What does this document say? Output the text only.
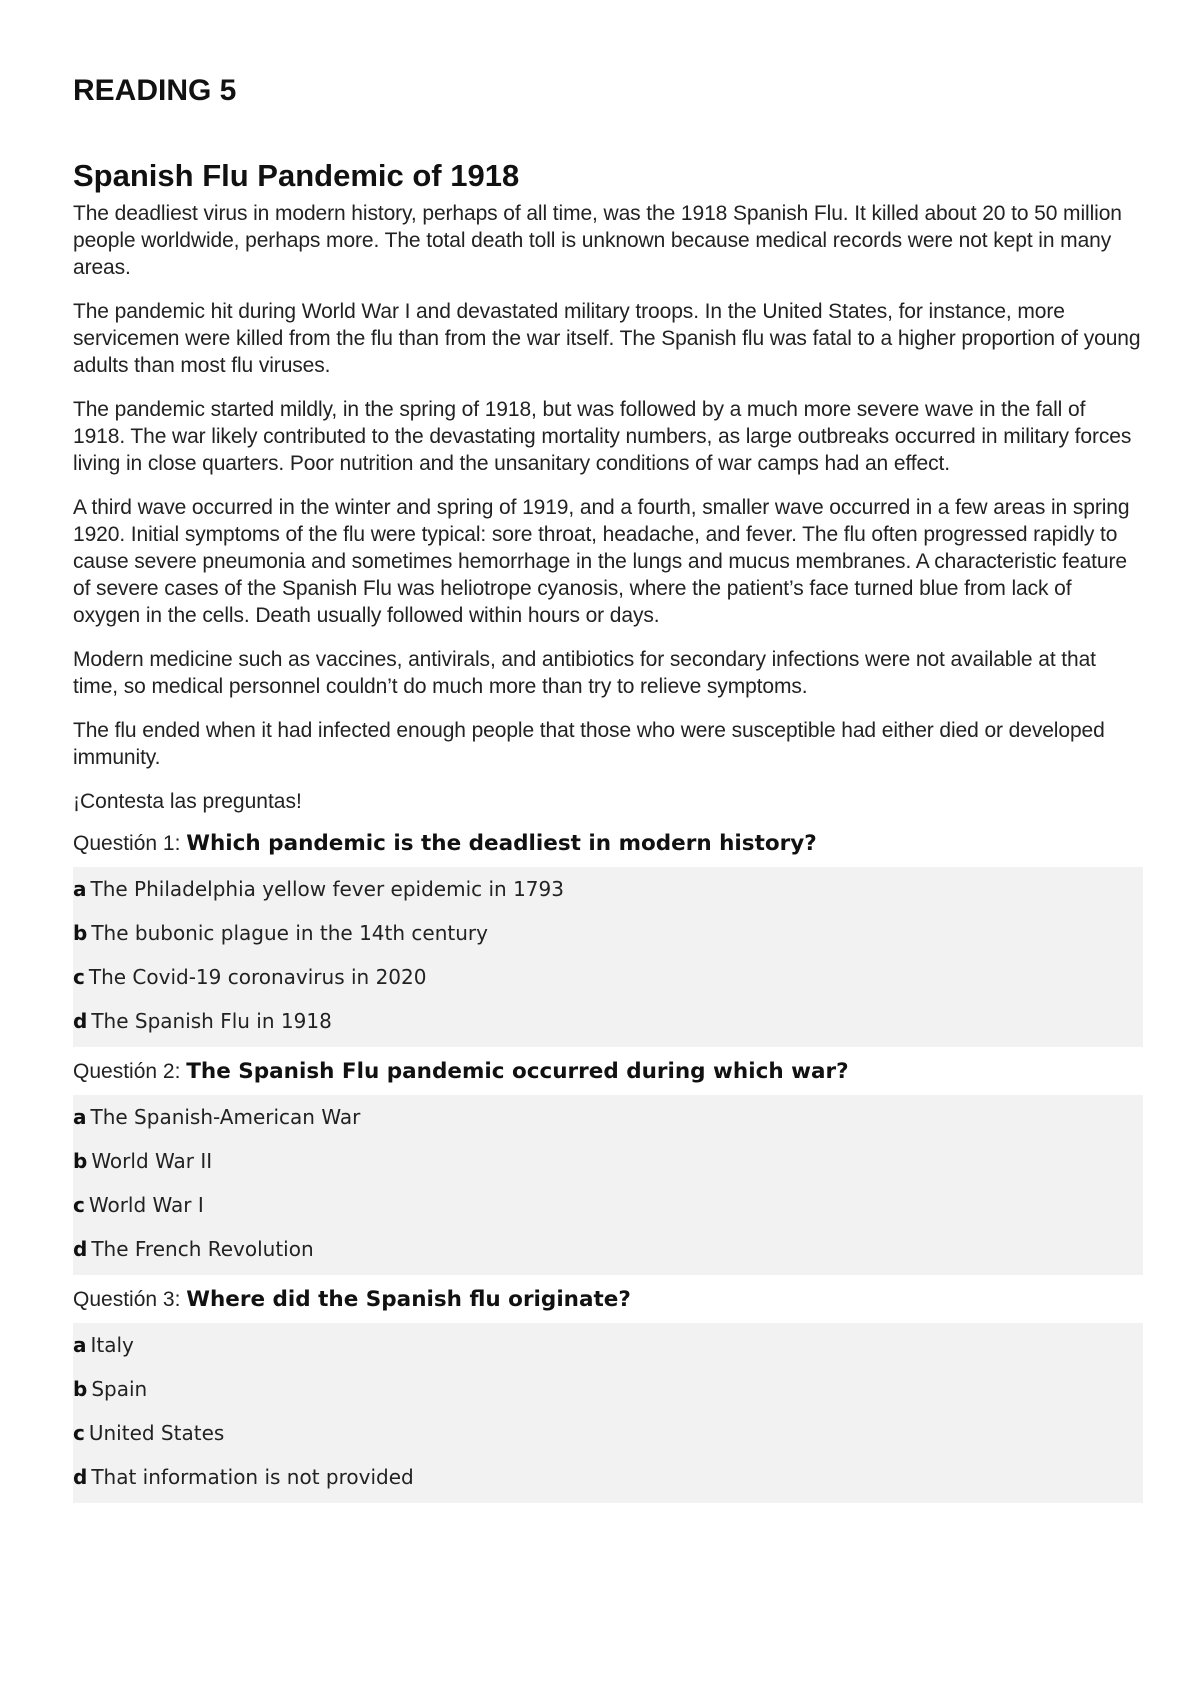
READING 5
Spanish Flu Pandemic of 1918

The deadliest virus in modern history, perhaps of all time, was the 1918 Spanish Flu. It killed about 20 to 50 million people worldwide, perhaps more. The total death toll is unknown because medical records were not kept in many areas.

The pandemic hit during World War I and devastated military troops. In the United States, for instance, more servicemen were killed from the flu than from the war itself. The Spanish flu was fatal to a higher proportion of young adults than most flu viruses.

The pandemic started mildly, in the spring of 1918, but was followed by a much more severe wave in the fall of 1918. The war likely contributed to the devastating mortality numbers, as large outbreaks occurred in military forces living in close quarters. Poor nutrition and the unsanitary conditions of war camps had an effect.

A third wave occurred in the winter and spring of 1919, and a fourth, smaller wave occurred in a few areas in spring 1920. Initial symptoms of the flu were typical: sore throat, headache, and fever. The flu often progressed rapidly to cause severe pneumonia and sometimes hemorrhage in the lungs and mucus membranes. A characteristic feature of severe cases of the Spanish Flu was heliotrope cyanosis, where the patient’s face turned blue from lack of oxygen in the cells. Death usually followed within hours or days.

Modern medicine such as vaccines, antivirals, and antibiotics for secondary infections were not available at that time, so medical personnel couldn’t do much more than try to relieve symptoms.

The flu ended when it had infected enough people that those who were susceptible had either died or developed immunity.

¡Contesta las preguntas!

Questión 1: Which pandemic is the deadliest in modern history?
a The Philadelphia yellow fever epidemic in 1793
b The bubonic plague in the 14th century
c The Covid-19 coronavirus in 2020
d The Spanish Flu in 1918
Questión 2: The Spanish Flu pandemic occurred during which war?
a The Spanish-American War
b World War II
c World War I
d The French Revolution
Questión 3: Where did the Spanish flu originate?
a Italy
b Spain
c United States
d That information is not provided
